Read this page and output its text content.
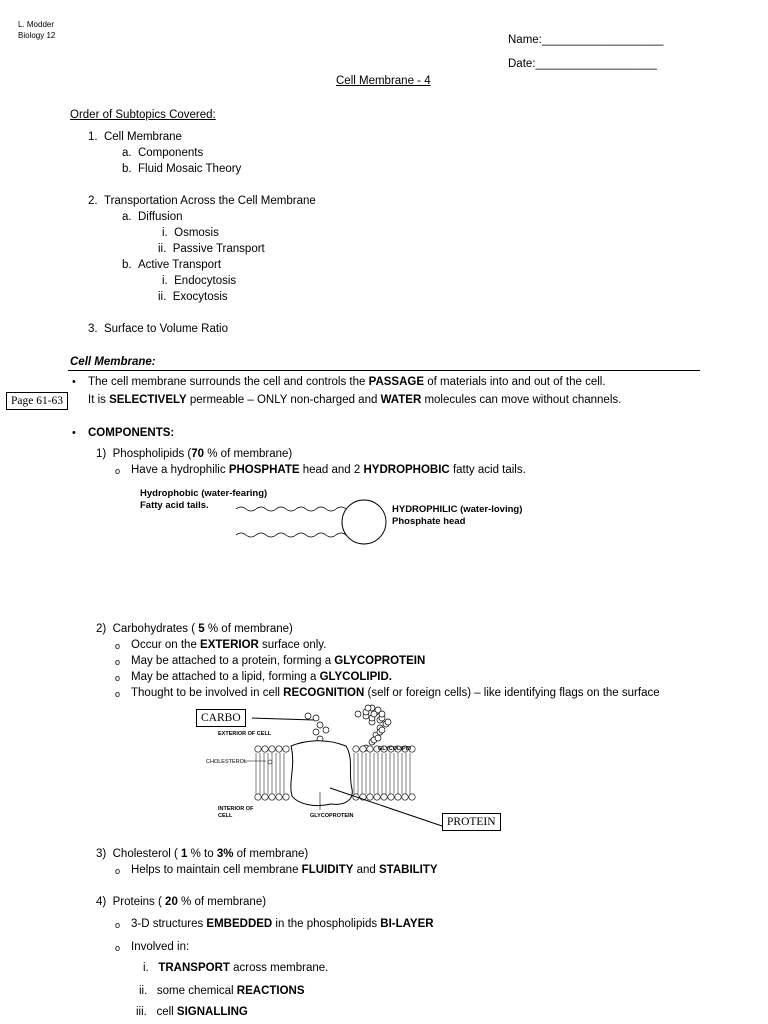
L. Modder
Biology 12	Name:___________________
Date:___________________
Cell Membrane - 4
Order of Subtopics Covered:
1. Cell Membrane
a. Components
b. Fluid Mosaic Theory
2. Transportation Across the Cell Membrane
a. Diffusion
i. Osmosis
ii. Passive Transport
b. Active Transport
i. Endocytosis
ii. Exocytosis
3. Surface to Volume Ratio
Cell Membrane:
• The cell membrane surrounds the cell and controls the PASSAGE of materials into and out of the cell.
Page 61-63	It is SELECTIVELY permeable – ONLY non-charged and WATER molecules can move without channels.
• COMPONENTS:
1) Phospholipids (70 % of membrane)
o Have a hydrophilic PHOSPHATE head and 2 HYDROPHOBIC fatty acid tails.
Hydrophobic (water-fearing)
Fatty acid tails.	HYDROPHILIC (water-loving)
Phosphate head
2) Carbohydrates ( 5 % of membrane)
o Occur on the EXTERIOR surface only.
o May be attached to a protein, forming a GLYCOPROTEIN
o May be attached to a lipid, forming a GLYCOLIPID.
o Thought to be involved in cell RECOGNITION (self or foreign cells) – like identifying flags on the surface
EXTERIOR OF CELL
GLYCOLIPID
CHOLESTEROL
INTERIOR OF
CELL	GLYCOPROTEIN
CARBO
PROTEIN
3) Cholesterol ( 1 % to 3% of membrane)
o Helps to maintain cell membrane FLUIDITY and STABILITY
4) Proteins ( 20 % of membrane)
o 3-D structures EMBEDDED in the phospholipids BI-LAYER
o Involved in:
i. TRANSPORT across membrane.
ii. some chemical REACTIONS
iii. cell SIGNALLING
